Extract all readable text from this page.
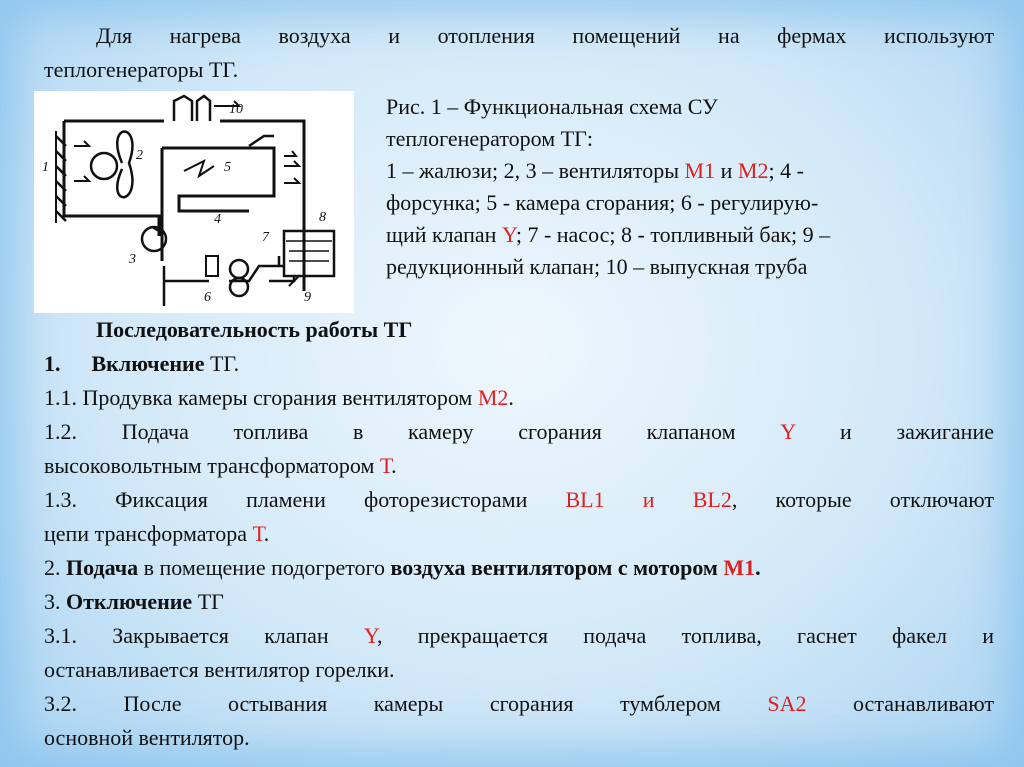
Для нагрева воздуха и отопления помещений на фермах используют
теплогенераторы ТГ.
1
2
3
4
5
6
7
8
9
10	Рис. 1 – Функциональная схема СУ
теплогенератором ТГ:
1 – жалюзи; 2, 3 – вентиляторы М1 и М2; 4 -
форсунка; 5 - камера сгорания; 6 - регулирую-
щий клапан Y; 7 - насос; 8 - топливный бак; 9 –
редукционный клапан; 10 – выпускная труба
Последовательность работы ТГ
1. Включение ТГ.
1.1. Продувка камеры сгорания вентилятором М2.
1.2. Подача топлива в камеру сгорания клапаном Y и зажигание
высоковольтным трансформатором Т.
1.3. Фиксация пламени фоторезисторами BL1 и BL2, которые отключают
цепи трансформатора Т.
2. Подача в помещение подогретого воздуха вентилятором с мотором М1.
3. Отключение ТГ
3.1. Закрывается клапан Y, прекращается подача топлива, гаснет факел и
останавливается вентилятор горелки.
3.2. После остывания камеры сгорания тумблером SA2 останавливают
основной вентилятор.
